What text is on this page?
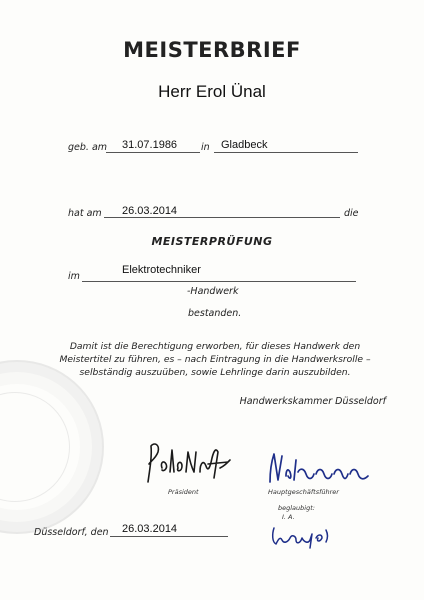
MEISTERBRIEF
Herr Erol Ünal
geb. am 31.07.1986	in Gladbeck
hat am 26.03.2014	die
MEISTERPRÜFUNG
im
Elektrotechniker
-Handwerk
bestanden.
Damit ist die Berechtigung erworben, für dieses Handwerk den Meistertitel zu führen, es – nach Eintragung in die Handwerksrolle – selbständig auszuüben, sowie Lehrlinge darin auszubilden.
Handwerkskammer Düsseldorf
Präsident	Hauptgeschäftsführer
beglaubigt:
I. A.
Düsseldorf, den 26.03.2014
